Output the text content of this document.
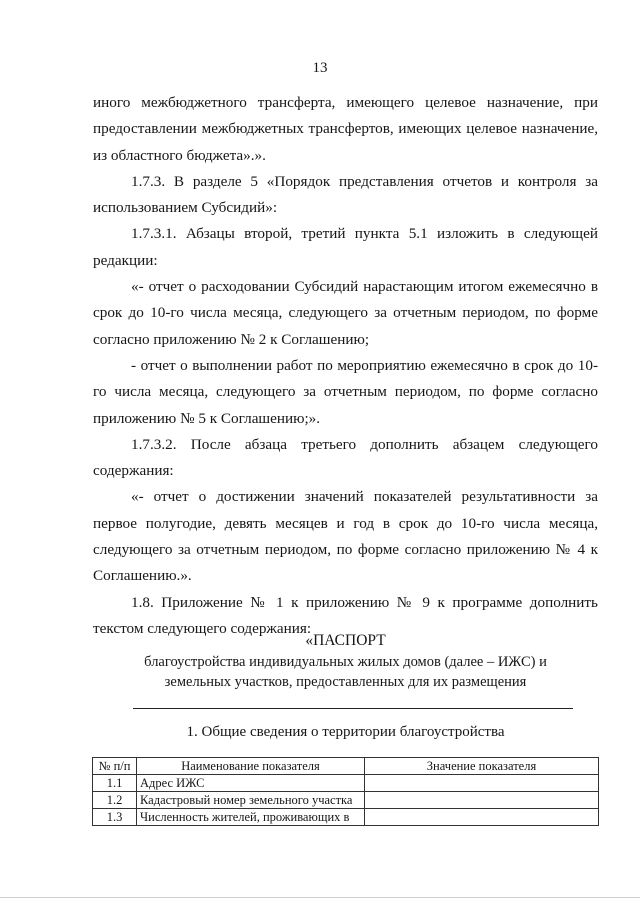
13

иного межбюджетного трансферта, имеющего целевое назначение, при предоставлении межбюджетных трансфертов, имеющих целевое назначение, из областного бюджета».».

1.7.3. В разделе 5 «Порядок представления отчетов и контроля за использованием Субсидий»:

1.7.3.1. Абзацы второй, третий пункта 5.1 изложить в следующей редакции:

«- отчет о расходовании Субсидий нарастающим итогом ежемесячно в срок до 10-го числа месяца, следующего за отчетным периодом, по форме согласно приложению № 2 к Соглашению;

- отчет о выполнении работ по мероприятию ежемесячно в срок до 10-го числа месяца, следующего за отчетным периодом, по форме согласно приложению № 5 к Соглашению;».

1.7.3.2. После абзаца третьего дополнить абзацем следующего содержания:

«- отчет о достижении значений показателей результативности за первое полугодие, девять месяцев и год в срок до 10-го числа месяца, следующего за отчетным периодом, по форме согласно приложению № 4 к Соглашению.».

1.8. Приложение № 1 к приложению № 9 к программе дополнить текстом следующего содержания:

«ПАСПОРТ
благоустройства индивидуальных жилых домов (далее – ИЖС) и
земельных участков, предоставленных для их размещения
1. Общие сведения о территории благоустройства
№ п/п	Наименование показателя	Значение показателя
1.1	Адрес ИЖС	
1.2	Кадастровый номер земельного участка	
1.3	Численность жителей, проживающих в	
